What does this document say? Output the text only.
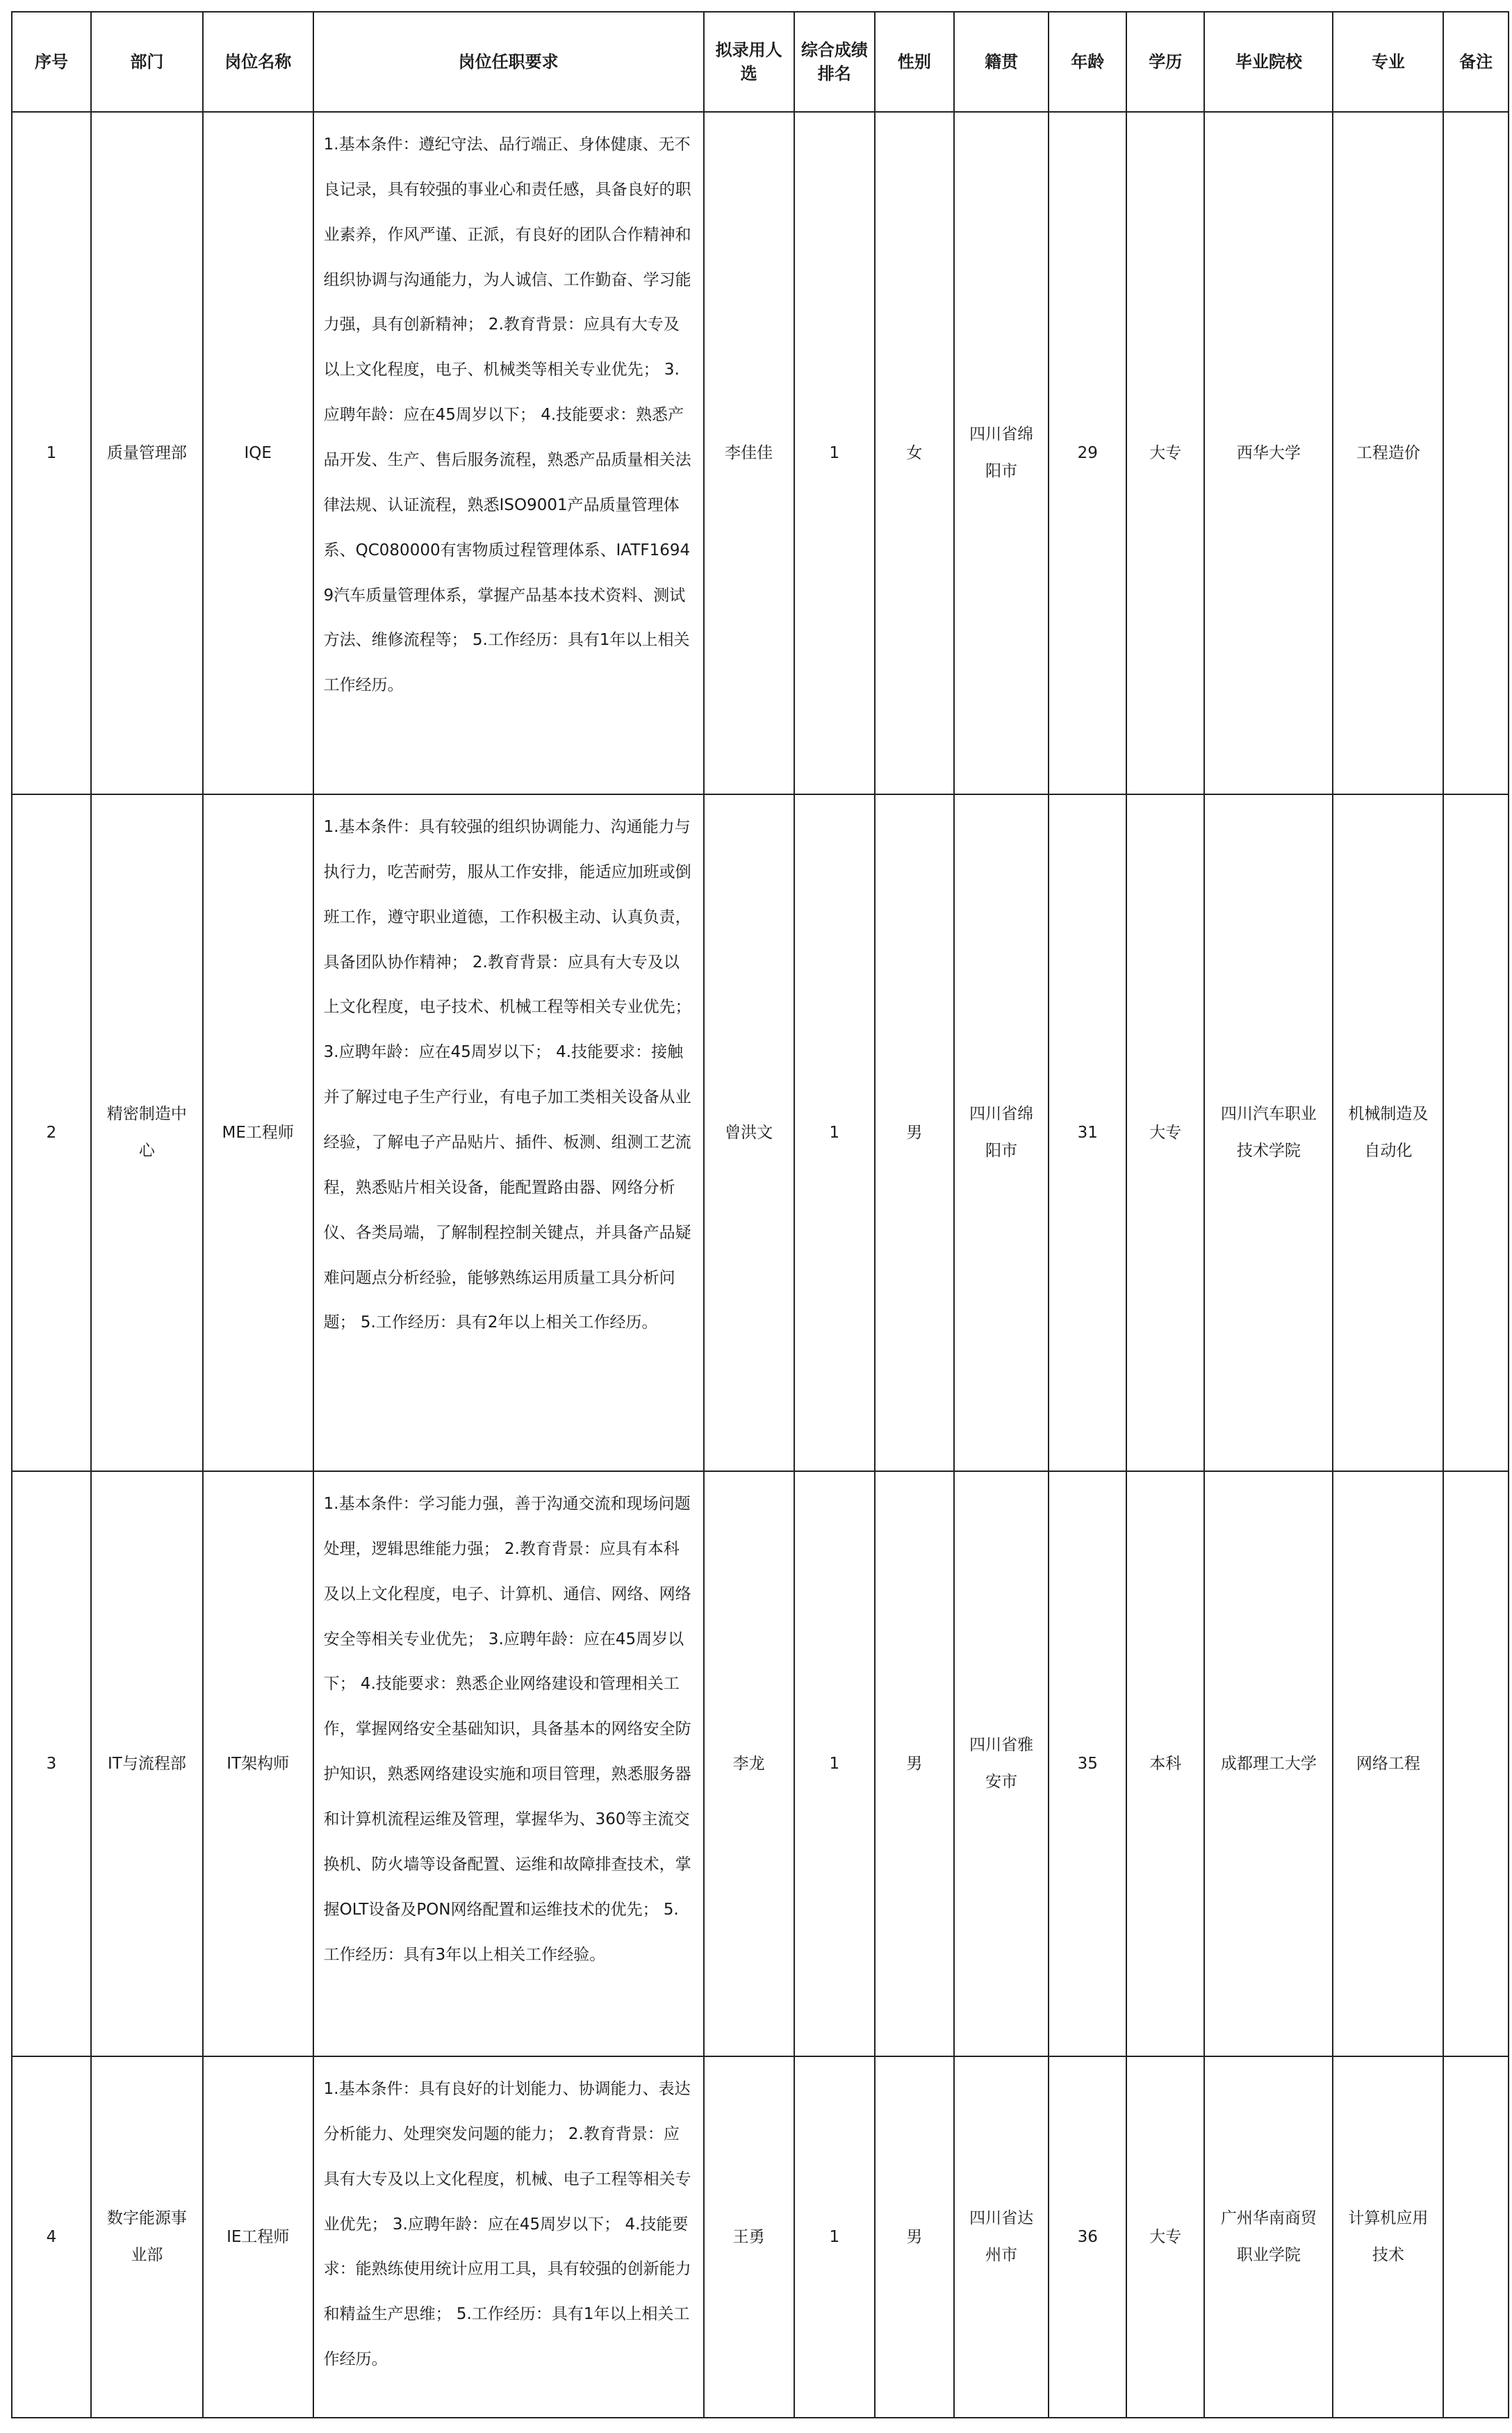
序号	部门	岗位名称	岗位任职要求	拟录用人选	综合成绩排名	性别	籍贯	年龄	学历	毕业院校	专业	备注
1	质量管理部	IQE	1.基本条件：遵纪守法、品行端正、身体健康、无不良记录，具有较强的事业心和责任感，具备良好的职业素养，作风严谨、正派，有良好的团队合作精神和组织协调与沟通能力，为人诚信、工作勤奋、学习能力强，具有创新精神； 2.教育背景：应具有大专及以上文化程度，电子、机械类等相关专业优先； 3.应聘年龄：应在45周岁以下； 4.技能要求：熟悉产品开发、生产、售后服务流程，熟悉产品质量相关法律法规、认证流程，熟悉ISO9001产品质量管理体系、QC080000有害物质过程管理体系、IATF16949汽车质量管理体系，掌握产品基本技术资料、测试方法、维修流程等； 5.工作经历：具有1年以上相关工作经历。	李佳佳	1	女	四川省绵阳市	29	大专	西华大学	工程造价	
2	精密制造中心	ME工程师	1.基本条件：具有较强的组织协调能力、沟通能力与执行力，吃苦耐劳，服从工作安排，能适应加班或倒班工作，遵守职业道德，工作积极主动、认真负责，具备团队协作精神； 2.教育背景：应具有大专及以上文化程度，电子技术、机械工程等相关专业优先； 3.应聘年龄：应在45周岁以下； 4.技能要求：接触并了解过电子生产行业，有电子加工类相关设备从业经验，了解电子产品贴片、插件、板测、组测工艺流程，熟悉贴片相关设备，能配置路由器、网络分析仪、各类局端，了解制程控制关键点，并具备产品疑难问题点分析经验，能够熟练运用质量工具分析问题； 5.工作经历：具有2年以上相关工作经历。	曾洪文	1	男	四川省绵阳市	31	大专	四川汽车职业技术学院	机械制造及自动化	
3	IT与流程部	IT架构师	1.基本条件：学习能力强，善于沟通交流和现场问题处理，逻辑思维能力强； 2.教育背景：应具有本科及以上文化程度，电子、计算机、通信、网络、网络安全等相关专业优先； 3.应聘年龄：应在45周岁以下； 4.技能要求：熟悉企业网络建设和管理相关工作，掌握网络安全基础知识，具备基本的网络安全防护知识，熟悉网络建设实施和项目管理，熟悉服务器和计算机流程运维及管理，掌握华为、360等主流交换机、防火墙等设备配置、运维和故障排查技术，掌握OLT设备及PON网络配置和运维技术的优先； 5.工作经历：具有3年以上相关工作经验。	李龙	1	男	四川省雅安市	35	本科	成都理工大学	网络工程	
4	数字能源事业部	IE工程师	1.基本条件：具有良好的计划能力、协调能力、表达分析能力、处理突发问题的能力； 2.教育背景：应具有大专及以上文化程度，机械、电子工程等相关专业优先； 3.应聘年龄：应在45周岁以下； 4.技能要求：能熟练使用统计应用工具，具有较强的创新能力和精益生产思维； 5.工作经历：具有1年以上相关工作经历。	王勇	1	男	四川省达州市	36	大专	广州华南商贸职业学院	计算机应用技术	
